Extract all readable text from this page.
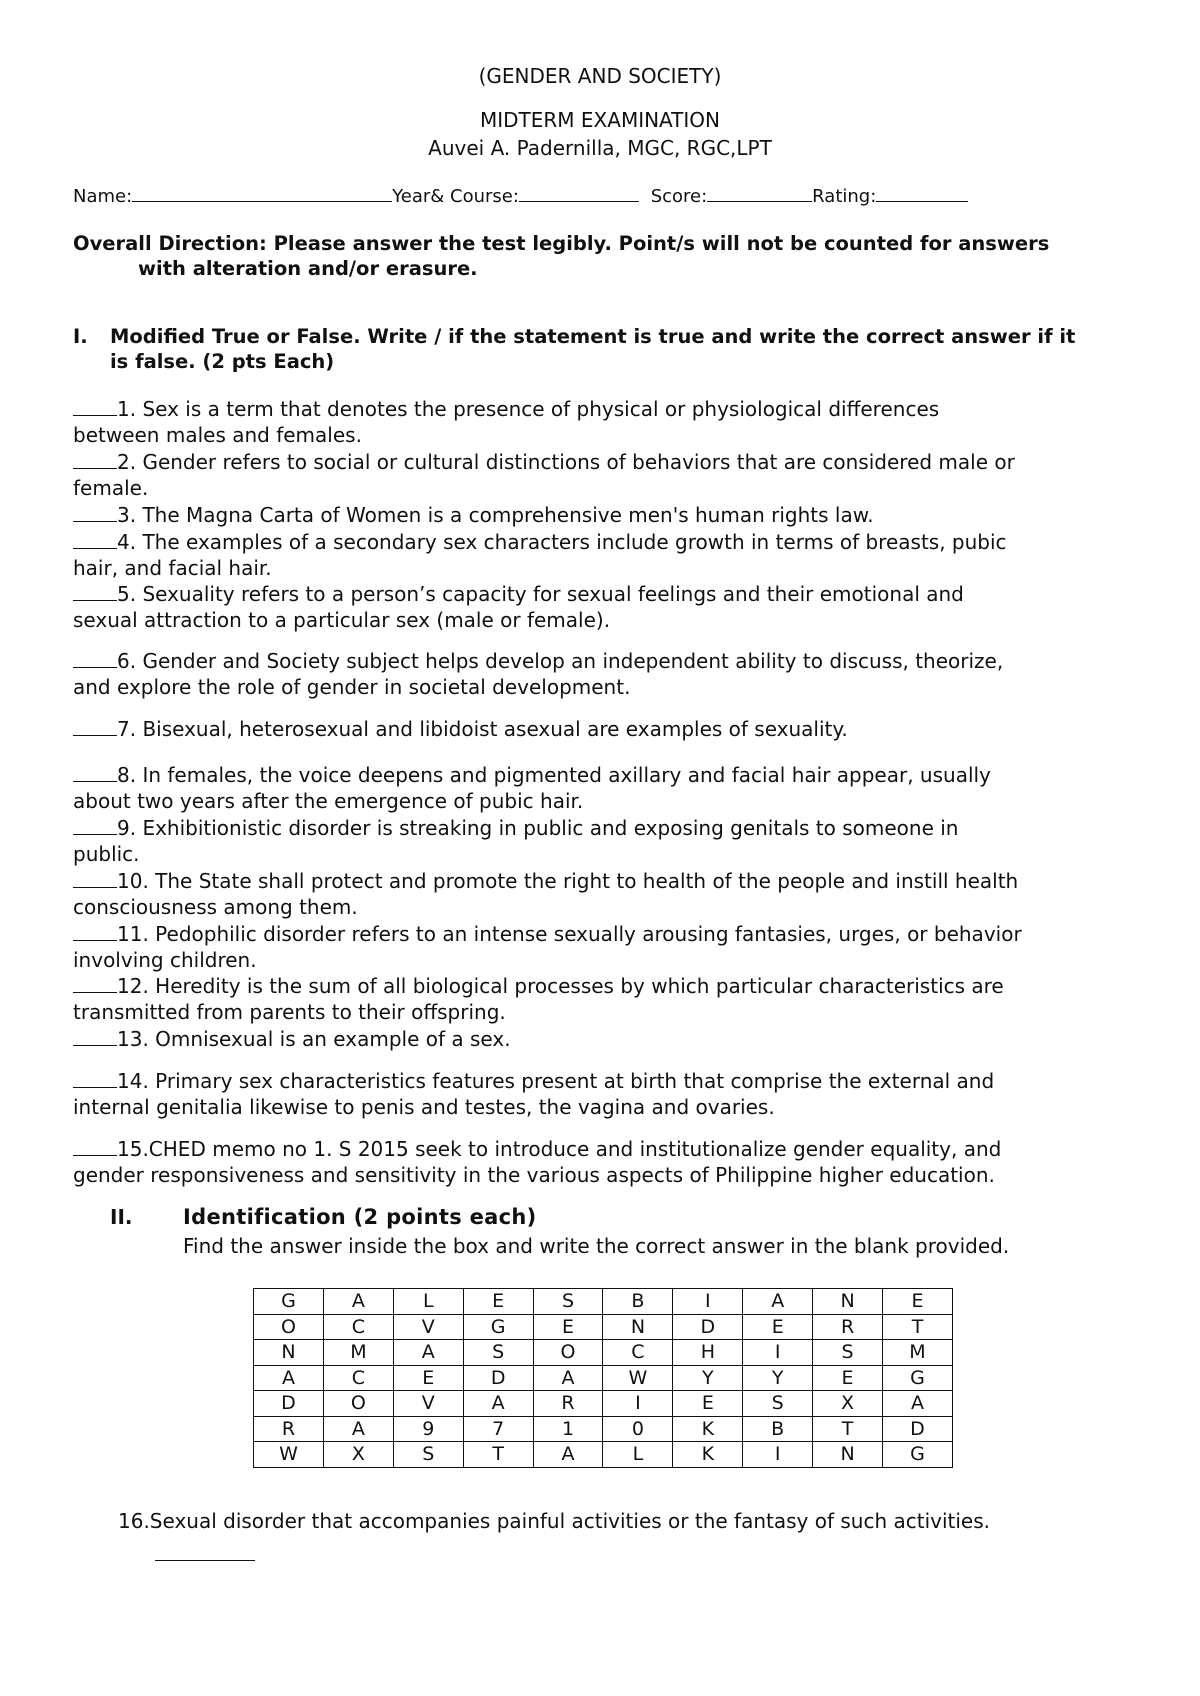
(GENDER AND SOCIETY)
MIDTERM EXAMINATION
Auvei A. Padernilla, MGC, RGC,LPT
Name:	Year& Course:	Score:	Rating:
Overall Direction: Please answer the test legibly. Point/s will not be counted for answers
with alteration and/or erasure.
I. Modified True or False. Write / if the statement is true and write the correct answer if it
is false. (2 pts Each)
1. Sex is a term that denotes the presence of physical or physiological differences
between males and females.
2. Gender refers to social or cultural distinctions of behaviors that are considered male or
female.
3. The Magna Carta of Women is a comprehensive men's human rights law.
4. The examples of a secondary sex characters include growth in terms of breasts, pubic
hair, and facial hair.
5. Sexuality refers to a person’s capacity for sexual feelings and their emotional and
sexual attraction to a particular sex (male or female).
6. Gender and Society subject helps develop an independent ability to discuss, theorize,
and explore the role of gender in societal development.
7. Bisexual, heterosexual and libidoist asexual are examples of sexuality.
8. In females, the voice deepens and pigmented axillary and facial hair appear, usually
about two years after the emergence of pubic hair.
9. Exhibitionistic disorder is streaking in public and exposing genitals to someone in
public.
10. The State shall protect and promote the right to health of the people and instill health
consciousness among them.
11. Pedophilic disorder refers to an intense sexually arousing fantasies, urges, or behavior
involving children.
12. Heredity is the sum of all biological processes by which particular characteristics are
transmitted from parents to their offspring.
13. Omnisexual is an example of a sex.
14. Primary sex characteristics features present at birth that comprise the external and
internal genitalia likewise to penis and testes, the vagina and ovaries.
15.CHED memo no 1. S 2015 seek to introduce and institutionalize gender equality, and
gender responsiveness and sensitivity in the various aspects of Philippine higher education.
II. Identification (2 points each)
Find the answer inside the box and write the correct answer in the blank provided.
G	A	L	E	S	B	I	A	N	E
O	C	V	G	E	N	D	E	R	T
N	M	A	S	O	C	H	I	S	M
A	C	E	D	A	W	Y	Y	E	G
D	O	V	A	R	I	E	S	X	A
R	A	9	7	1	0	K	B	T	D
W	X	S	T	A	L	K	I	N	G
16.Sexual disorder that accompanies painful activities or the fantasy of such activities.
